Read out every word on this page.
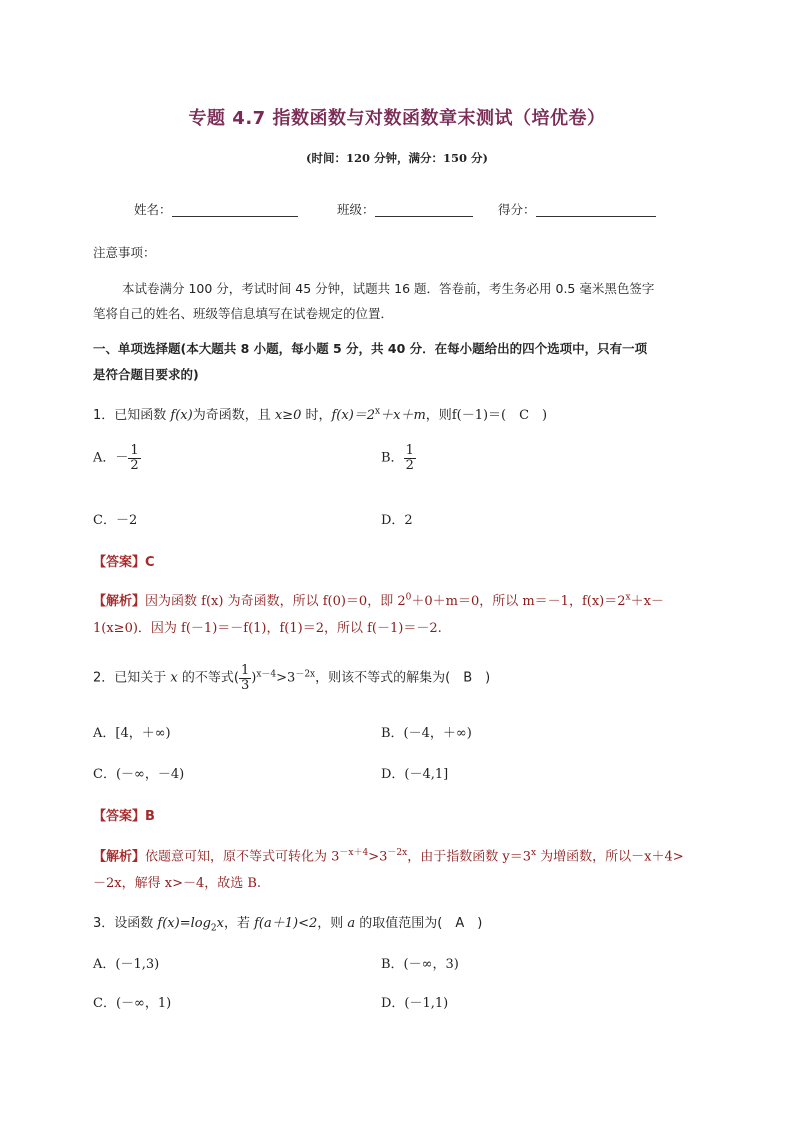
专题 4.7 指数函数与对数函数章末测试（培优卷）
(时间：120 分钟，满分：150 分)
姓名：	班级：	得分：
注意事项：
本试卷满分 100 分，考试时间 45 分钟，试题共 16 题．答卷前，考生务必用 0.5 毫米黑色签字
笔将自己的姓名、班级等信息填写在试卷规定的位置．
一、单项选择题(本大题共 8 小题，每小题 5 分，共 40 分．在每小题给出的四个选项中，只有一项
是符合题目要求的)
1．已知函数 f(x)为奇函数，且 x≥0 时，$f(x)=2^x+x+m$，则f(－1)＝(　C　)
A．－ $\frac{1}{2}$	B． $\frac{1}{2}$
C．－2	D．2
【答案】C
【解析】因为函数 f(x) 为奇函数，所以 f(0)＝0，即 $2^0+0+m=0$，所以 m＝－1，$f(x)=2^x+x-$
1(x≥0)．因为 f(－1)＝－f(1)，f(1)＝2，所以 f(－1)＝－2.
2．已知关于 x 的不等式( $\frac{1}{3} )^{x-4}>3^{-2x}$，则该不等式的解集为(　B　)
A．[4，＋∞)	B．(－4，＋∞)
C．(－∞，－4)	D．(－4,1]
【答案】B
【解析】依题意可知，原不等式可转化为 $3^{-x+4}>3^{-2x}$，由于指数函数 $y=3^x$ 为增函数，所以－x＋4>
－2x，解得 x>－4，故选 B.
3．设函数 $f(x)=\log_2x$，若 f(a＋1)<2，则 a 的取值范围为(　A　)
A．(－1,3)	B．(－∞，3)
C．(－∞，1)	D．(－1,1)
